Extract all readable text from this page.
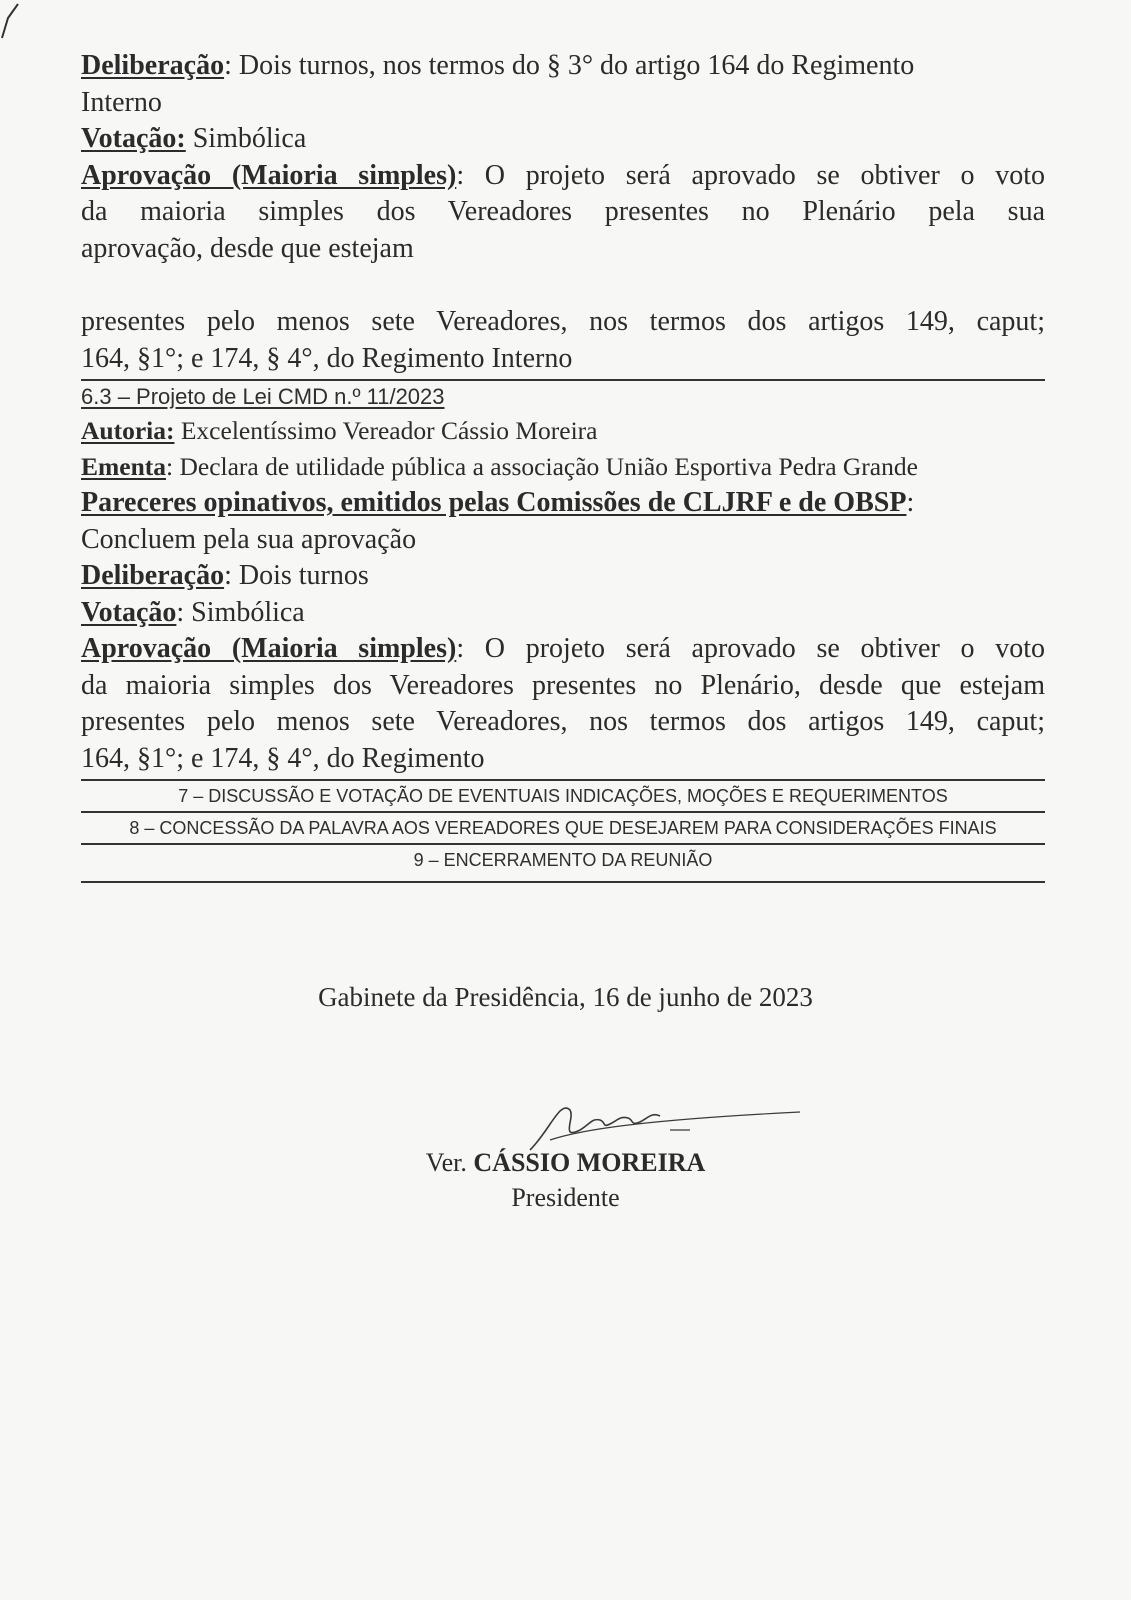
Deliberação: Dois turnos, nos termos do § 3° do artigo 164 do Regimento
Interno
Votação: Simbólica
Aprovação (Maioria simples): O projeto será aprovado se obtiver o voto
da maioria simples dos Vereadores presentes no Plenário pela sua
aprovação, desde que estejam
presentes pelo menos sete Vereadores, nos termos dos artigos 149, caput;
164, §1°; e 174, § 4°, do Regimento Interno
6.3 – Projeto de Lei CMD n.º 11/2023
Autoria: Excelentíssimo Vereador Cássio Moreira
Ementa: Declara de utilidade pública a associação União Esportiva Pedra Grande
Pareceres opinativos, emitidos pelas Comissões de CLJRF e de OBSP:
Concluem pela sua aprovação
Deliberação: Dois turnos
Votação: Simbólica
Aprovação (Maioria simples): O projeto será aprovado se obtiver o voto
da maioria simples dos Vereadores presentes no Plenário, desde que estejam
presentes pelo menos sete Vereadores, nos termos dos artigos 149, caput;
164, §1°; e 174, § 4°, do Regimento
7 – DISCUSSÃO E VOTAÇÃO DE EVENTUAIS INDICAÇÕES, MOÇÕES E REQUERIMENTOS
8 – CONCESSÃO DA PALAVRA AOS VEREADORES QUE DESEJAREM PARA CONSIDERAÇÕES FINAIS
9 – ENCERRAMENTO DA REUNIÃO
Gabinete da Presidência, 16 de junho de 2023
Ver. CÁSSIO MOREIRA
Presidente
